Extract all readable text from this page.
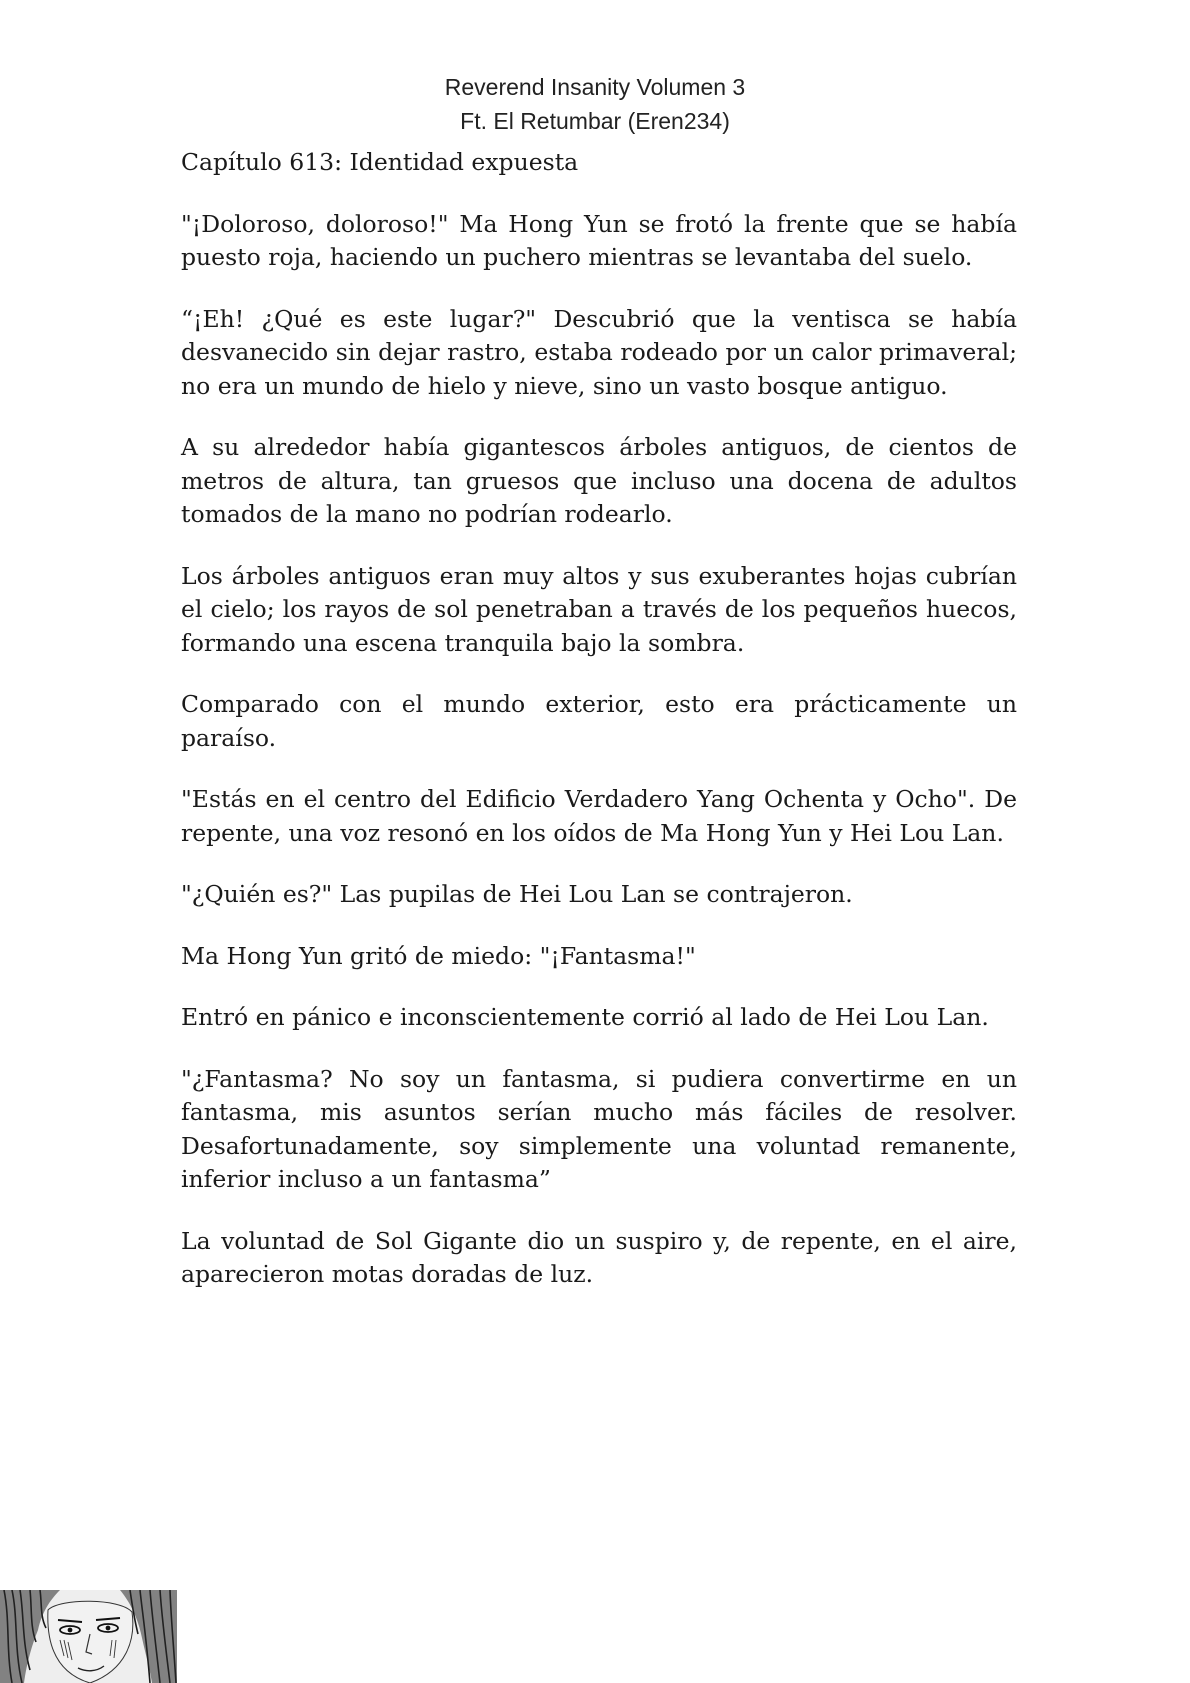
Reverend Insanity Volumen 3
Ft. El Retumbar (Eren234)
Capítulo 613: Identidad expuesta

"¡Doloroso, doloroso!" Ma Hong Yun se frotó la frente que se había puesto roja, haciendo un puchero mientras se levantaba del suelo.

“¡Eh! ¿Qué es este lugar?" Descubrió que la ventisca se había desvanecido sin dejar rastro, estaba rodeado por un calor primaveral; no era un mundo de hielo y nieve, sino un vasto bosque antiguo.

A su alrededor había gigantescos árboles antiguos, de cientos de metros de altura, tan gruesos que incluso una docena de adultos tomados de la mano no podrían rodearlo.

Los árboles antiguos eran muy altos y sus exuberantes hojas cubrían el cielo; los rayos de sol penetraban a través de los pequeños huecos, formando una escena tranquila bajo la sombra.

Comparado con el mundo exterior, esto era prácticamente un paraíso.

"Estás en el centro del Edificio Verdadero Yang Ochenta y Ocho". De repente, una voz resonó en los oídos de Ma Hong Yun y Hei Lou Lan.

"¿Quién es?" Las pupilas de Hei Lou Lan se contrajeron.

Ma Hong Yun gritó de miedo: "¡Fantasma!"

Entró en pánico e inconscientemente corrió al lado de Hei Lou Lan.

"¿Fantasma? No soy un fantasma, si pudiera convertirme en un fantasma, mis asuntos serían mucho más fáciles de resolver. Desafortunadamente, soy simplemente una voluntad remanente, inferior incluso a un fantasma”

La voluntad de Sol Gigante dio un suspiro y, de repente, en el aire, aparecieron motas doradas de luz.
